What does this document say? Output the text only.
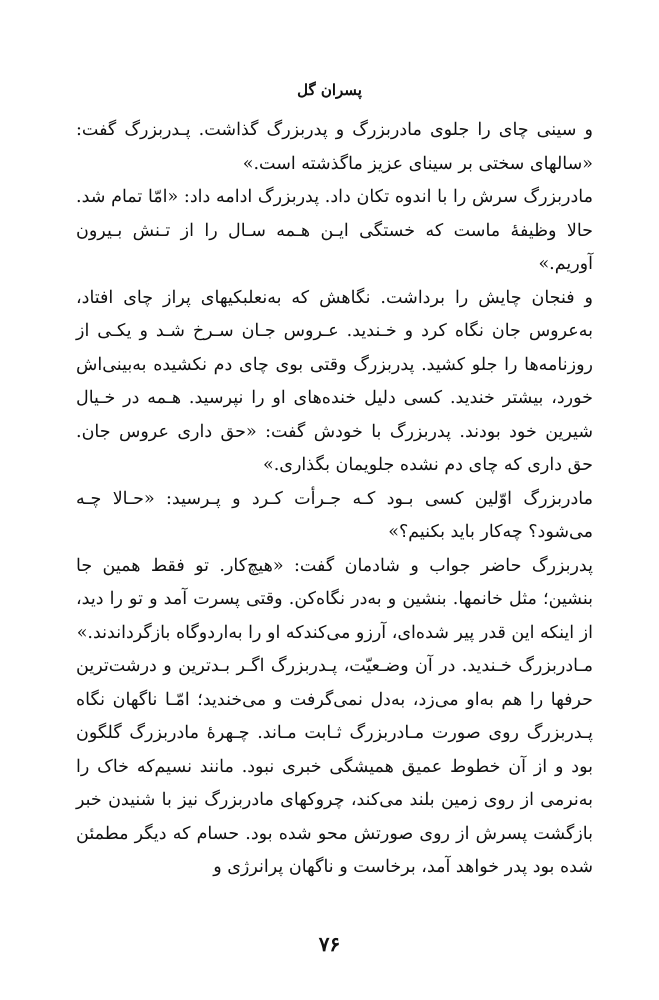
پسران گل

و سینی چای را جلوی مادربزرگ و پدربزرگ گذاشت. پـدربزرگ گفت: «سالهای سختی بر سینای عزیز ماگذشته است.»

مادربزرگ سرش را با اندوه تکان داد. پدربزرگ ادامه داد: «امّا تمام شد. حالا وظیفهٔ ماست که خستگی ایـن هـمه سـال را از تـنش بـیرون آوریم.»

و فنجان چایش را برداشت. نگاهش که به‌نعلبکیهای پراز چای افتاد، به‌عروس جان نگاه کرد و خـندید. عـروس جـان سـرخ شـد و یکـی از روزنامه‌ها را جلو کشید. پدربزرگ وقتی بوی چای دم نکشیده به‌بینی‌اش خورد، بیشتر خندید. کسی دلیل خنده‌های او را نپرسید. هـمه در خـیال شیرین خود بودند. پدربزرگ با خودش گفت: «حق داری عروس جان. حق داری که چای دم نشده جلویمان بگذاری.»

مادربزرگ اوّلین کسی بـود کـه جـرأت کـرد و پـرسید: «حـالا چـه می‌شود؟ چه‌کار باید بکنیم؟»

پدربزرگ حاضر جواب و شادمان گفت: «هیچ‌کار. تو فقط همین جا بنشین؛ مثل خانمها. بنشین و به‌در نگاه‌کن. وقتی پسرت آمد و تو را دید، از اینکه این قدر پیر شده‌ای، آرزو می‌کندکه او را به‌اردوگاه بازگرداندند.»

مـادربزرگ خـندید. در آن وضـعیّت، پـدربزرگ اگـر بـدترین و درشت‌ترین حرفها را هم به‌او می‌زد، به‌دل نمی‌گرفت و می‌خندید؛ امّـا ناگهان نگاه پـدربزرگ روی صورت مـادربزرگ ثـابت مـاند. چـهرهٔ مادربزرگ گلگون بود و از آن خطوط عمیق همیشگی خبری نبود. مانند نسیم‌که خاک را به‌نرمی از روی زمین بلند می‌کند، چروکهای مادربزرگ نیز با شنیدن خبر بازگشت پسرش از روی صورتش محو شده بود. حسام که دیگر مطمئن شده بود پدر خواهد آمد، برخاست و ناگهان پرانرژی و

۷۶
